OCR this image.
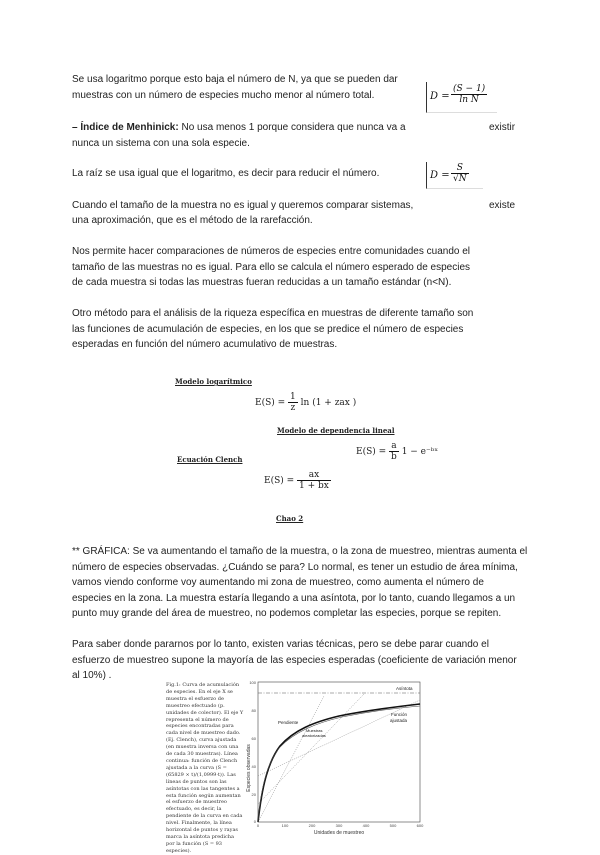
Se usa logaritmo porque esto baja el número de N, ya que se pueden dar
muestras con un número de especies mucho menor al número total.	$D = \frac{(S - 1)}{\text{ln N}}$
– Índice de Menhinick: No usa menos 1 porque considera que nunca va a	existir
nunca un sistema con una sola especie.
La raíz se usa igual que el logaritmo, es decir para reducir el número.	$D = \frac{S}{√N}$
Cuando el tamaño de la muestra no es igual y queremos comparar sistemas,	existe
una aproximación, que es el método de la rarefacción.
Nos permite hacer comparaciones de números de especies entre comunidades cuando el
tamaño de las muestras no es igual. Para ello se calcula el número esperado de especies
de cada muestra si todas las muestras fueran reducidas a un tamaño estándar (n<N).
Otro método para el análisis de la riqueza específica en muestras de diferente tamaño son
las funciones de acumulación de especies, en los que se predice el número de especies
esperadas en función del número acumulativo de muestras.
Modelo logarítmico
$E(S) = \frac{1}{z}$ ln (1 + zax )
Modelo de dependencia lineal
$E(S) = \frac{a}{b} 1$ − e⁻ᵇˣ
Ecuación Clench
$E(S) = \frac{ax}{1 + bx}$
Chao 2
** GRÁFICA: Se va aumentando el tamaño de la muestra, o la zona de muestreo, mientras aumenta el
número de especies observadas. ¿Cuándo se para? Lo normal, es tener un estudio de área mínima,
vamos viendo conforme voy aumentando mi zona de muestreo, como aumenta el número de
especies en la zona. La muestra estaría llegando a una asíntota, por lo tanto, cuando llegamos a un
punto muy grande del área de muestreo, no podemos completar las especies, porque se repiten.
Para saber donde pararnos por lo tanto, existen varias técnicas, pero se debe parar cuando el
esfuerzo de muestreo supone la mayoría de las especies esperadas (coeficiente de variación menor
al 10%) .
Fig.1: Curva de acumulación de especies. En el eje X se muestra el esfuerzo de muestreo efectuado (p. unidades de colector). El eje Y representa el número de especies encontradas para cada nivel de muestreo dado. (Ej. Clench), curva ajustada (en muestra inversa con una de cada 30 muestras). Línea continua: función de Clench ajustada a la curva (S = (65829 × t)/(1,0999·t)). Las líneas de puntos son las asíntotas con las tangentes a esta función según aumentan el esfuerzo de muestreo efectuado, es decir, la pendiente de la curva en cada nivel. Finalmente, la línea horizontal de puntos y rayas marca la asíntota predicha por la función (S = 93 especies).
Especies observadas
0
20
40
60
80
100
0	100	200	300	400	500	600
Unidades de muestreo
Asíntota
Pendiente
Muestras
aleatorizadas
Función
ajustada
